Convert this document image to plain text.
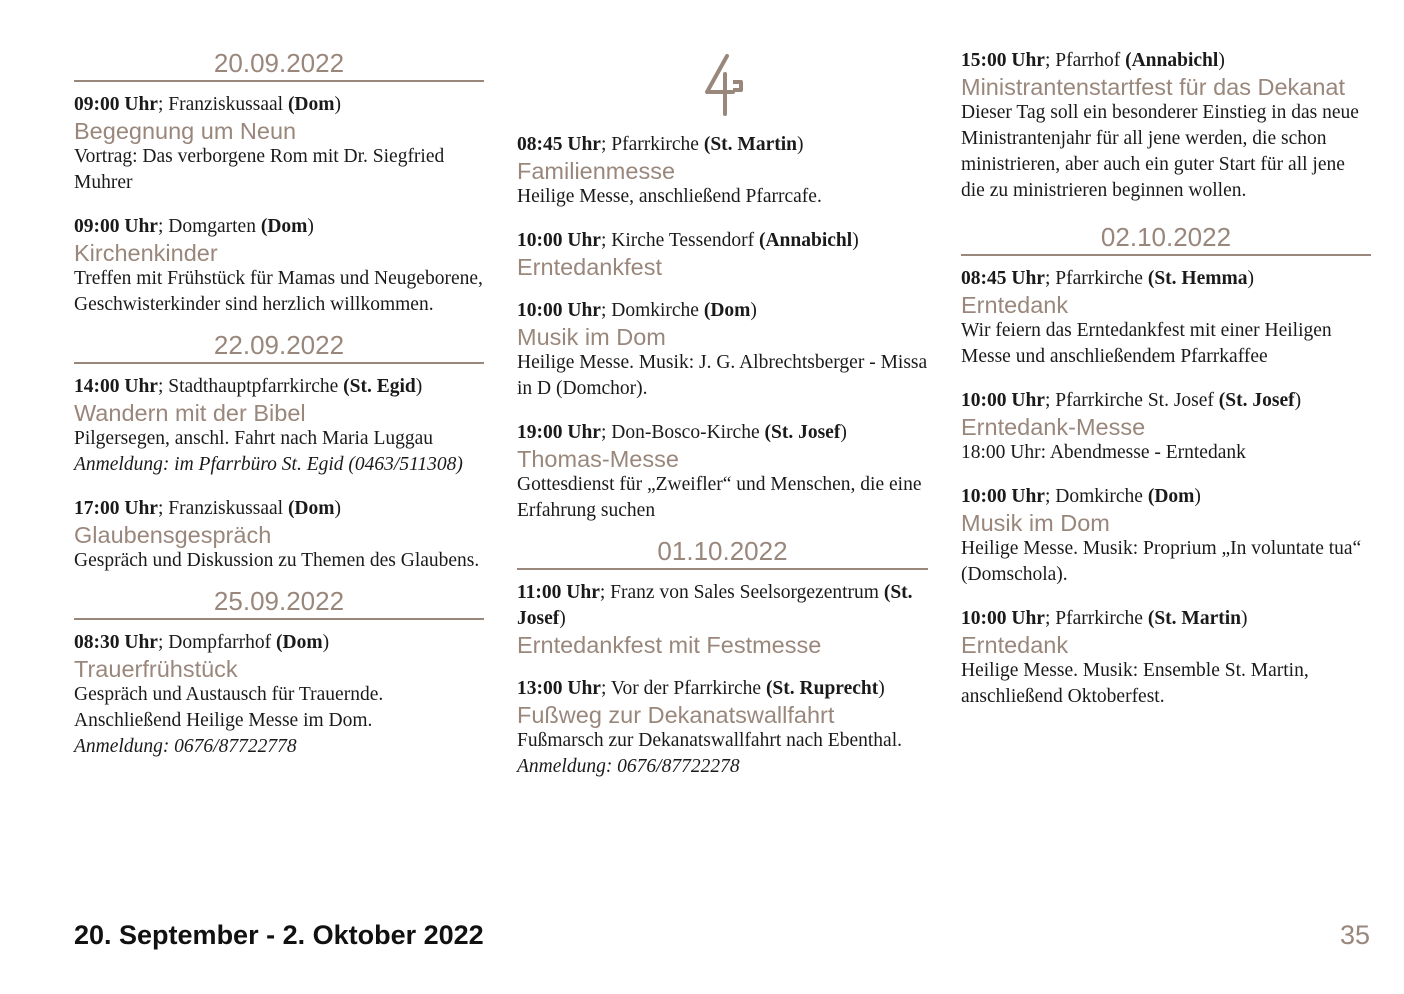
20.09.2022
09:00 Uhr; Franziskussaal (Dom)
Begegnung um Neun
Vortrag: Das verborgene Rom mit Dr. Siegfried Muhrer
09:00 Uhr; Domgarten (Dom)
Kirchenkinder
Treffen mit Frühstück für Mamas und Neugeborene, Geschwisterkinder sind herzlich willkommen.
22.09.2022
14:00 Uhr; Stadthauptpfarrkirche (St. Egid)
Wandern mit der Bibel
Pilgersegen, anschl. Fahrt nach Maria Luggau
Anmeldung: im Pfarrbüro St. Egid (0463/511308)
17:00 Uhr; Franziskussaal (Dom)
Glaubensgespräch
Gespräch und Diskussion zu Themen des Glaubens.
25.09.2022
08:30 Uhr; Dompfarrhof (Dom)
Trauerfrühstück
Gespräch und Austausch für Trauernde. Anschließend Heilige Messe im Dom.
Anmeldung: 0676/87722778
08:45 Uhr; Pfarrkirche (St. Martin)
Familienmesse
Heilige Messe, anschließend Pfarrcafe.
10:00 Uhr; Kirche Tessendorf (Annabichl)
Erntedankfest
10:00 Uhr; Domkirche (Dom)
Musik im Dom
Heilige Messe. Musik: J. G. Albrechtsberger - Missa in D (Domchor).
19:00 Uhr; Don-Bosco-Kirche (St. Josef)
Thomas-Messe
Gottesdienst für „Zweifler“ und Menschen, die eine Erfahrung suchen
01.10.2022
11:00 Uhr; Franz von Sales Seelsorgezentrum (St. Josef)
Erntedankfest mit Festmesse
13:00 Uhr; Vor der Pfarrkirche (St. Ruprecht)
Fußweg zur Dekanatswallfahrt
Fußmarsch zur Dekanatswallfahrt nach Ebenthal.
Anmeldung: 0676/87722278
15:00 Uhr; Pfarrhof (Annabichl)
Ministrantenstartfest für das Dekanat
Dieser Tag soll ein besonderer Einstieg in das neue Ministrantenjahr für all jene werden, die schon ministrieren, aber auch ein guter Start für all jene die zu ministrieren beginnen wollen.
02.10.2022
08:45 Uhr; Pfarrkirche (St. Hemma)
Erntedank
Wir feiern das Erntedankfest mit einer Heiligen Messe und anschließendem Pfarrkaffee
10:00 Uhr; Pfarrkirche St. Josef (St. Josef)
Erntedank-Messe
18:00 Uhr: Abendmesse - Erntedank
10:00 Uhr; Domkirche (Dom)
Musik im Dom
Heilige Messe. Musik: Proprium „In voluntate tua“ (Domschola).
10:00 Uhr; Pfarrkirche (St. Martin)
Erntedank
Heilige Messe. Musik: Ensemble St. Martin, anschließend Oktoberfest.
20. September - 2. Oktober 2022	35
